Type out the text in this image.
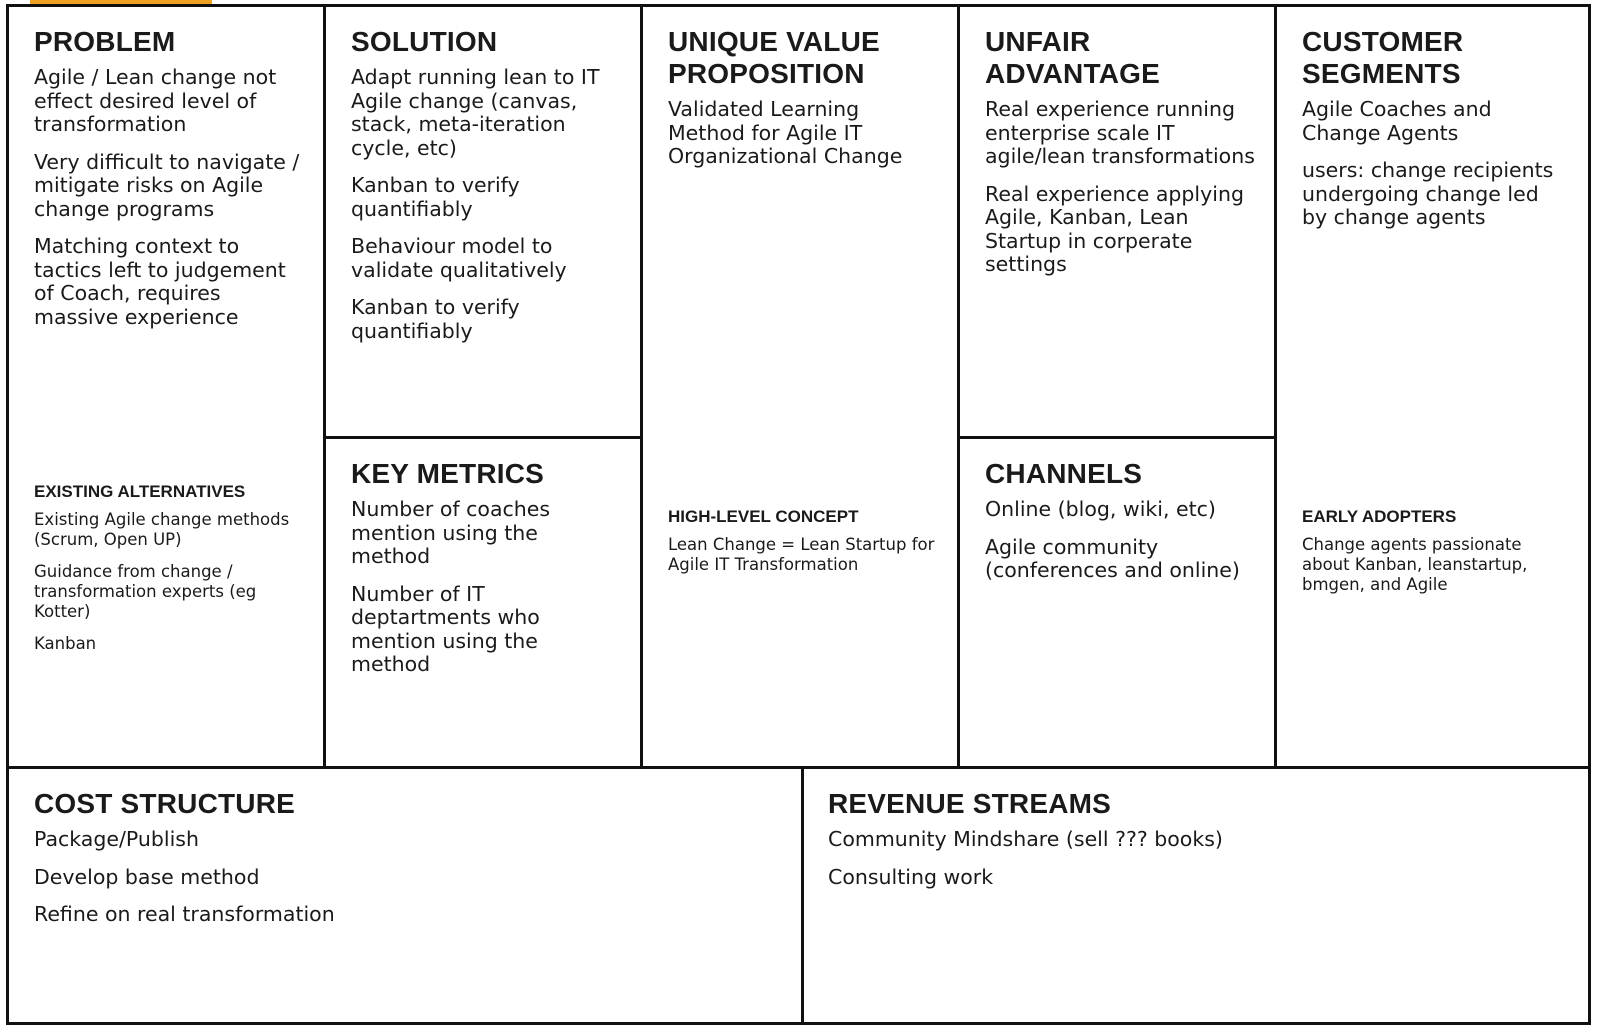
PROBLEM

Agile / Lean change not effect desired level of transformation

Very difficult to navigate / mitigate risks on Agile change programs

Matching context to tactics left to judgement of Coach, requires massive experience

EXISTING ALTERNATIVES

Existing Agile change methods (Scrum, Open UP)

Guidance from change / transformation experts (eg Kotter)

Kanban

SOLUTION

Adapt running lean to IT Agile change (canvas, stack, meta-iteration cycle, etc)

Kanban to verify quantifiably

Behaviour model to validate qualitatively

Kanban to verify quantifiably

KEY METRICS

Number of coaches mention using the method

Number of IT deptartments who mention using the method

UNIQUE VALUE
PROPOSITION

Validated Learning Method for Agile IT Organizational Change

HIGH-LEVEL CONCEPT

Lean Change = Lean Startup for Agile IT Transformation

UNFAIR
ADVANTAGE

Real experience running enterprise scale IT agile/lean transformations

Real experience applying Agile, Kanban, Lean Startup in corperate settings

CHANNELS

Online (blog, wiki, etc)

Agile community (conferences and online)

CUSTOMER
SEGMENTS

Agile Coaches and Change Agents

users: change recipients undergoing change led by change agents

EARLY ADOPTERS

Change agents passionate about Kanban, leanstartup, bmgen, and Agile

COST STRUCTURE

Package/Publish

Develop base method

Refine on real transformation

REVENUE STREAMS

Community Mindshare (sell ??? books)

Consulting work
